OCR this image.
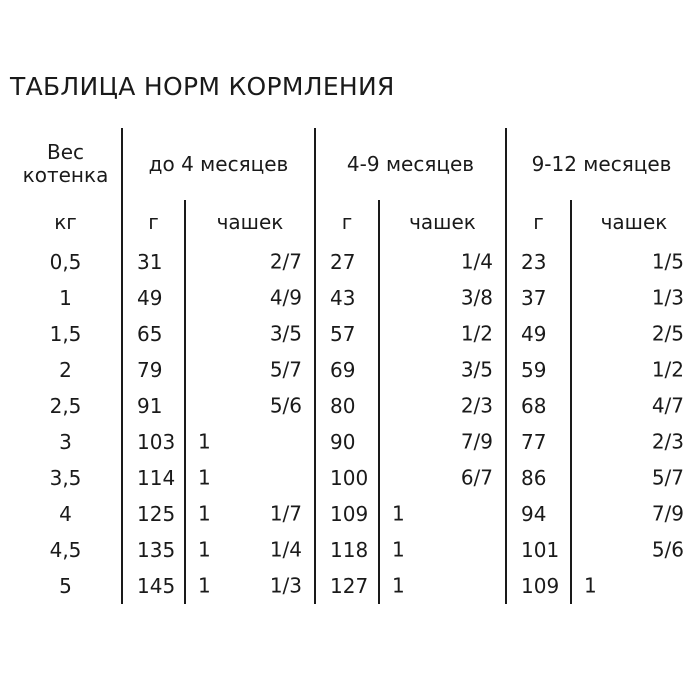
ТАБЛИЦА НОРМ КОРМЛЕНИЯ
Вес котенка	до 4 месяцев		4-9 месяцев		9-12 месяцев	
кг	г	чашек	г	чашек	г	чашек
0,5	31	2/7	27	1/4	23	1/5

1	49	4/9	43	3/8	37	1/3

1,5	65	3/5	57	1/2	49	2/5

2	79	5/7	69	3/5	59	1/2

2,5	91	5/6	80	2/3	68	4/7

3	103	1	90	7/9	77	2/3

3,5	114	1	100	6/7	86	5/7

4	125	1 1/7	109	1	94	7/9

4,5	135	1 1/4	118	1	101	5/6

5	145	1 1/3	127	1	109	1
